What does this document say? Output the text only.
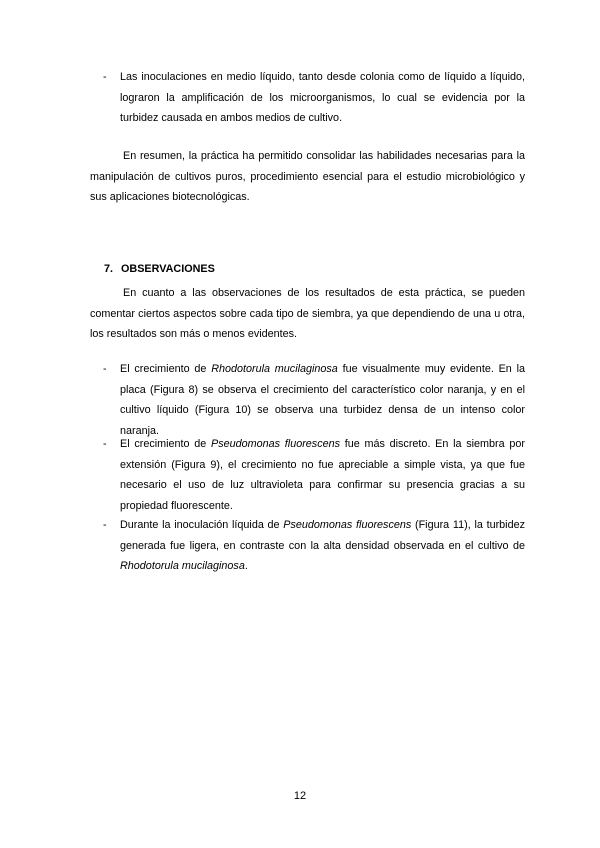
- Las inoculaciones en medio líquido, tanto desde colonia como de líquido a líquido, lograron la amplificación de los microorganismos, lo cual se evidencia por la turbidez causada en ambos medios de cultivo.

En resumen, la práctica ha permitido consolidar las habilidades necesarias para la manipulación de cultivos puros, procedimiento esencial para el estudio microbiológico y sus aplicaciones biotecnológicas.

7. OBSERVACIONES

En cuanto a las observaciones de los resultados de esta práctica, se pueden comentar ciertos aspectos sobre cada tipo de siembra, ya que dependiendo de una u otra, los resultados son más o menos evidentes.

- El crecimiento de Rhodotorula mucilaginosa fue visualmente muy evidente. En la placa (Figura 8) se observa el crecimiento del característico color naranja, y en el cultivo líquido (Figura 10) se observa una turbidez densa de un intenso color naranja.
- El crecimiento de Pseudomonas fluorescens fue más discreto. En la siembra por extensión (Figura 9), el crecimiento no fue apreciable a simple vista, ya que fue necesario el uso de luz ultravioleta para confirmar su presencia gracias a su propiedad fluorescente.
- Durante la inoculación líquida de Pseudomonas fluorescens (Figura 11), la turbidez generada fue ligera, en contraste con la alta densidad observada en el cultivo de Rhodotorula mucilaginosa.
12
